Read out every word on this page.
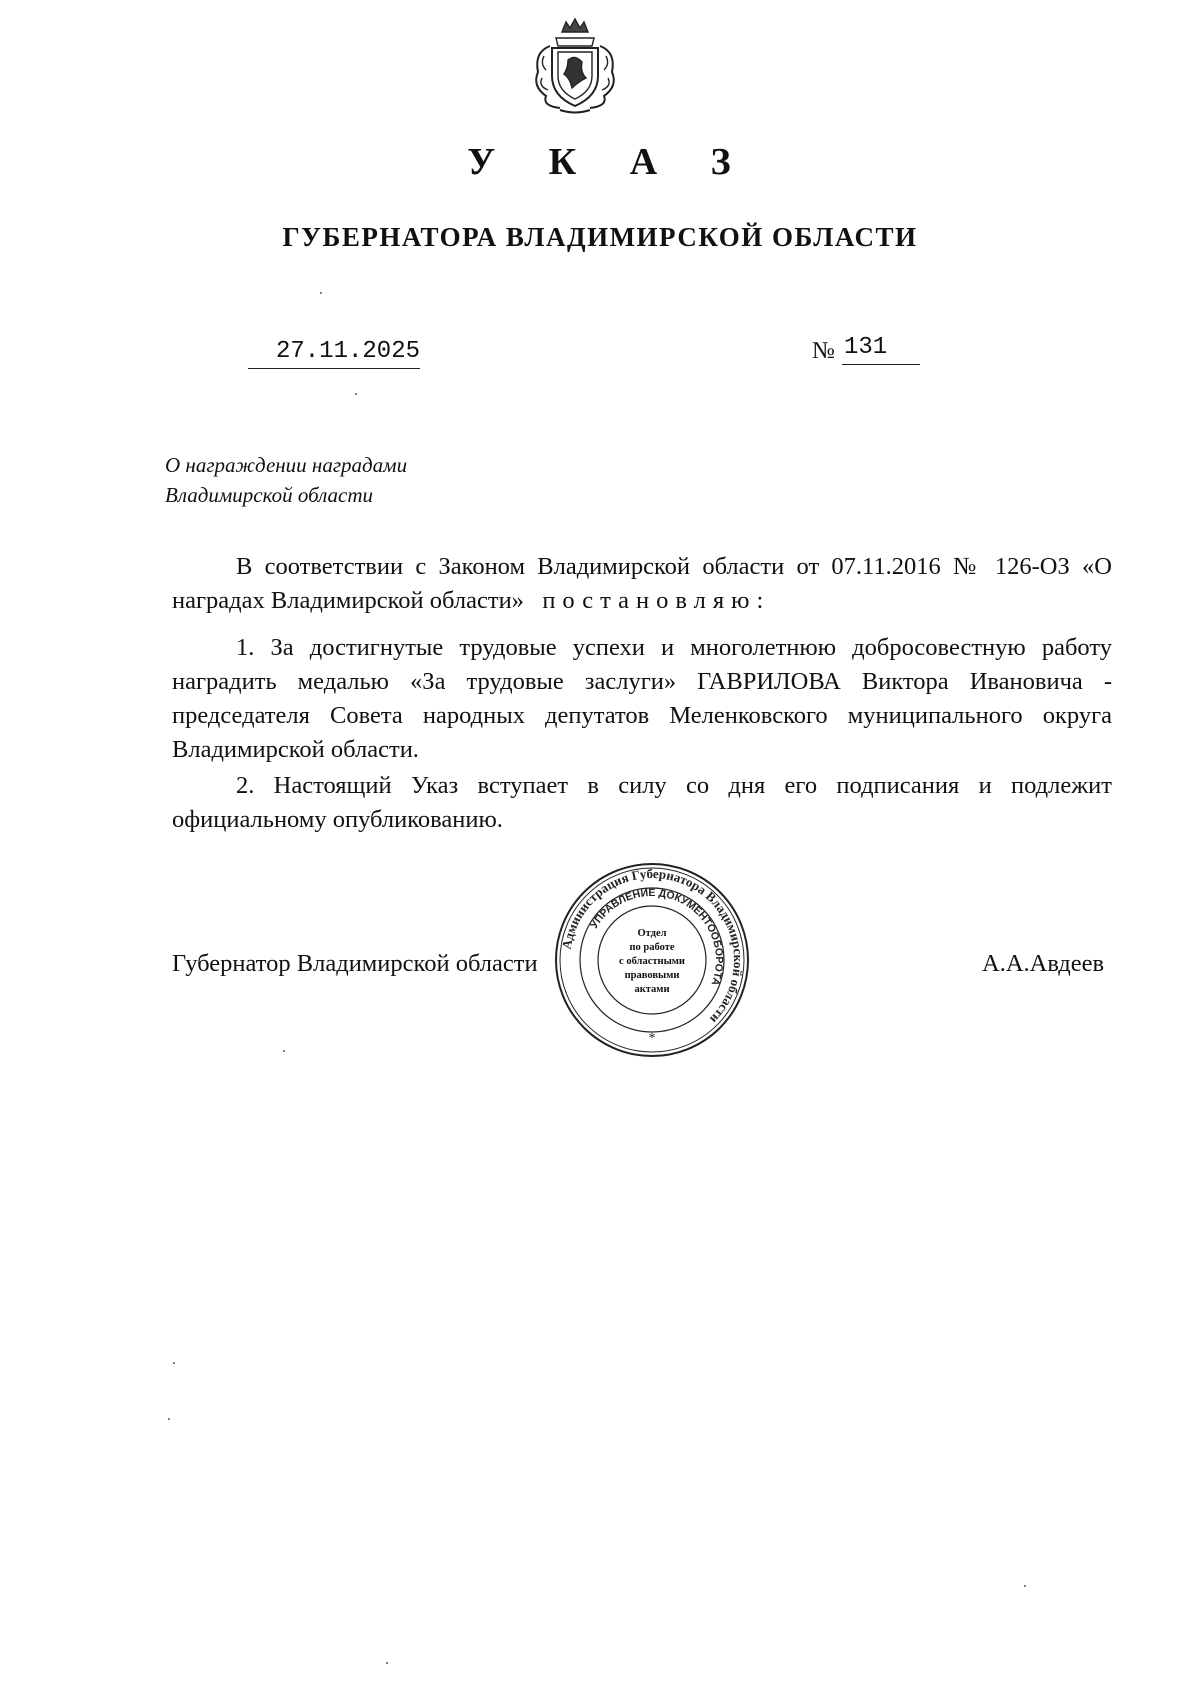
У К А З
ГУБЕРНАТОРА ВЛАДИМИРСКОЙ ОБЛАСТИ
27.11.2025	№ 131
О награждении наградами
Владимирской области

В соответствии с Законом Владимирской области от 07.11.2016 № 126-ОЗ «О наградах Владимирской области» постановляю:

1. За достигнутые трудовые успехи и многолетнюю добросовестную работу наградить медалью «За трудовые заслуги» ГАВРИЛОВА Виктора Ивановича - председателя Совета народных депутатов Меленковского муниципального округа Владимирской области.

2. Настоящий Указ вступает в силу со дня его подписания и подлежит официальному опубликованию.

Губернатор Владимирской области	А.А.Авдеев
Администрация Губернатора Владимирской области
УПРАВЛЕНИЕ ДОКУМЕНТООБОРОТА
Отдел
по работе
с областными
правовыми
актами
*
